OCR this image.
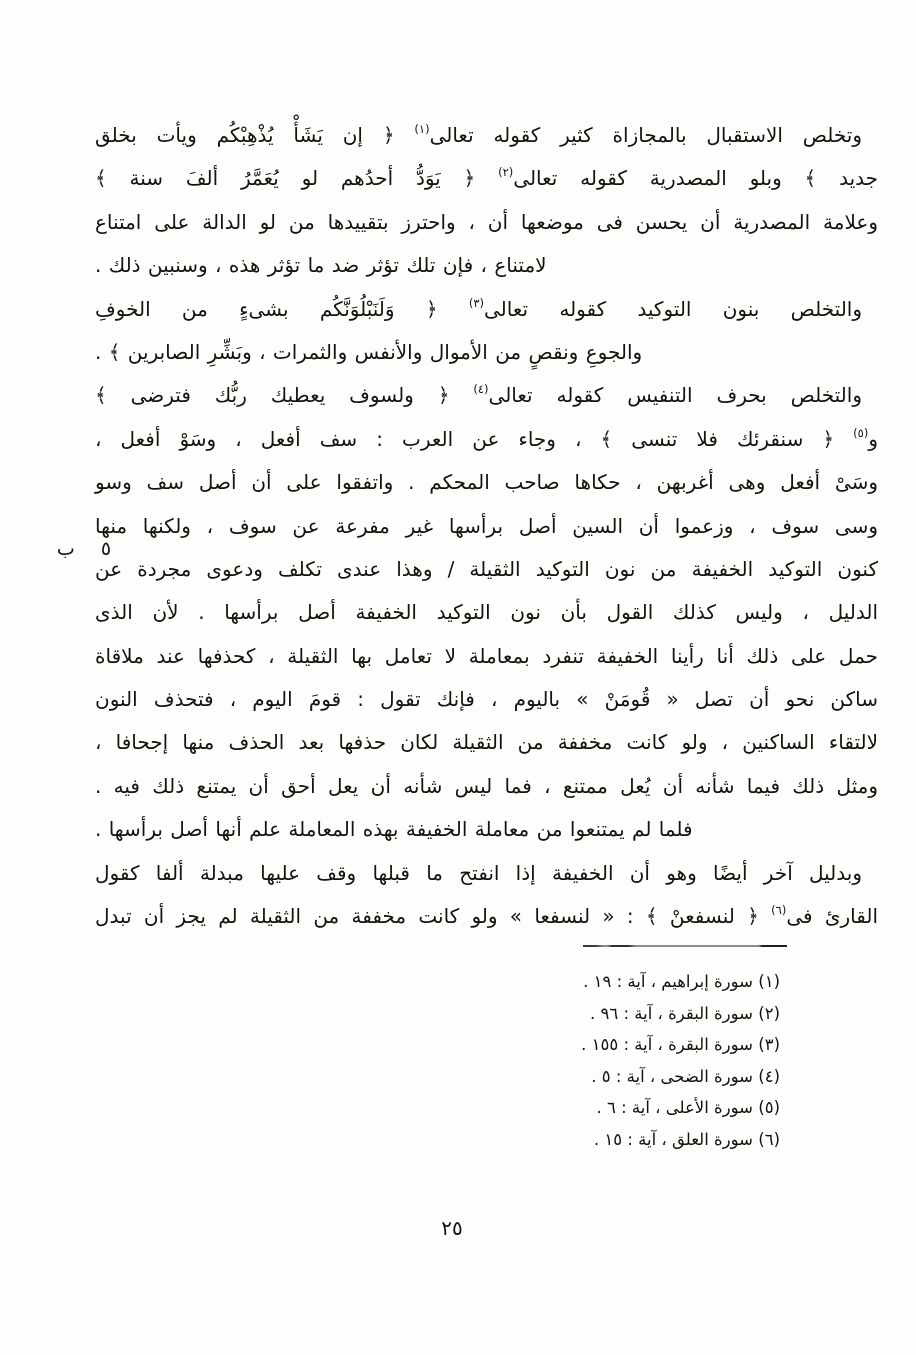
٥ ب
وتخلص الاستقبال بالمجازاة كثير كقوله تعالى$^{(١)}$ ﴿ إن يَشَأْ يُذْهِبْكُم ويأت بخلق
جديد ﴾ وبلو المصدرية كقوله تعالى$^{(٢)}$ ﴿ يَوَدُّ أحدُهم لو يُعَمَّرُ ألفَ سنة ﴾
وعلامة المصدرية أن يحسن فى موضعها أن ، واحترز بتقييدها من لو الدالة على امتناع
لامتناع ، فإن تلك تؤثر ضد ما تؤثر هذه ، وسنبين ذلك .
والتخلص بنون التوكيد كقوله تعالى$^{(٣)}$ ﴿ وَلَنَبْلُوَنَّكُم بشىءٍ من الخوفِ
والجوعِ ونقصٍ من الأموال والأنفس والثمرات ، وبَشِّرِ الصابرين ﴾ .
والتخلص بحرف التنفيس كقوله تعالى$^{(٤)}$ ﴿ ولسوف يعطيك ربُّك فترضى ﴾
و$^{(٥)}$ ﴿ سنقرئك فلا تنسى ﴾ ، وجاء عن العرب : سف أفعل ، وسَوْ أفعل ،
وسَىْ أفعل وهى أغربهن ، حكاها صاحب المحكم . واتفقوا على أن أصل سف وسو
وسى سوف ، وزعموا أن السين أصل برأسها غير مفرعة عن سوف ، ولكنها منها
كنون التوكيد الخفيفة من نون التوكيد الثقيلة / وهذا عندى تكلف ودعوى مجردة عن
الدليل ، وليس كذلك القول بأن نون التوكيد الخفيفة أصل برأسها . لأن الذى
حمل على ذلك أنا رأينا الخفيفة تنفرد بمعاملة لا تعامل بها الثقيلة ، كحذفها عند ملاقاة
ساكن نحو أن تصل « قُومَنْ » باليوم ، فإنك تقول : قومَ اليوم ، فتحذف النون
لالتقاء الساكنين ، ولو كانت مخففة من الثقيلة لكان حذفها بعد الحذف منها إجحافا ،
ومثل ذلك فيما شأنه أن يُعل ممتنع ، فما ليس شأنه أن يعل أحق أن يمتنع ذلك فيه .
فلما لم يمتنعوا من معاملة الخفيفة بهذه المعاملة علم أنها أصل برأسها .
وبدليل آخر أيضًا وهو أن الخفيفة إذا انفتح ما قبلها وقف عليها مبدلة ألفا كقول
القارئ فى$^{(٦)}$ ﴿ لنسفعنْ ﴾ : « لنسفعا » ولو كانت مخففة من الثقيلة لم يجز أن تبدل
(١) سورة إبراهيم ، آية : ١٩ .
(٢) سورة البقرة ، آية : ٩٦ .
(٣) سورة البقرة ، آية : ١٥٥ .
(٤) سورة الضحى ، آية : ٥ .
(٥) سورة الأعلى ، آية : ٦ .
(٦) سورة العلق ، آية : ١٥ .
٢٥
